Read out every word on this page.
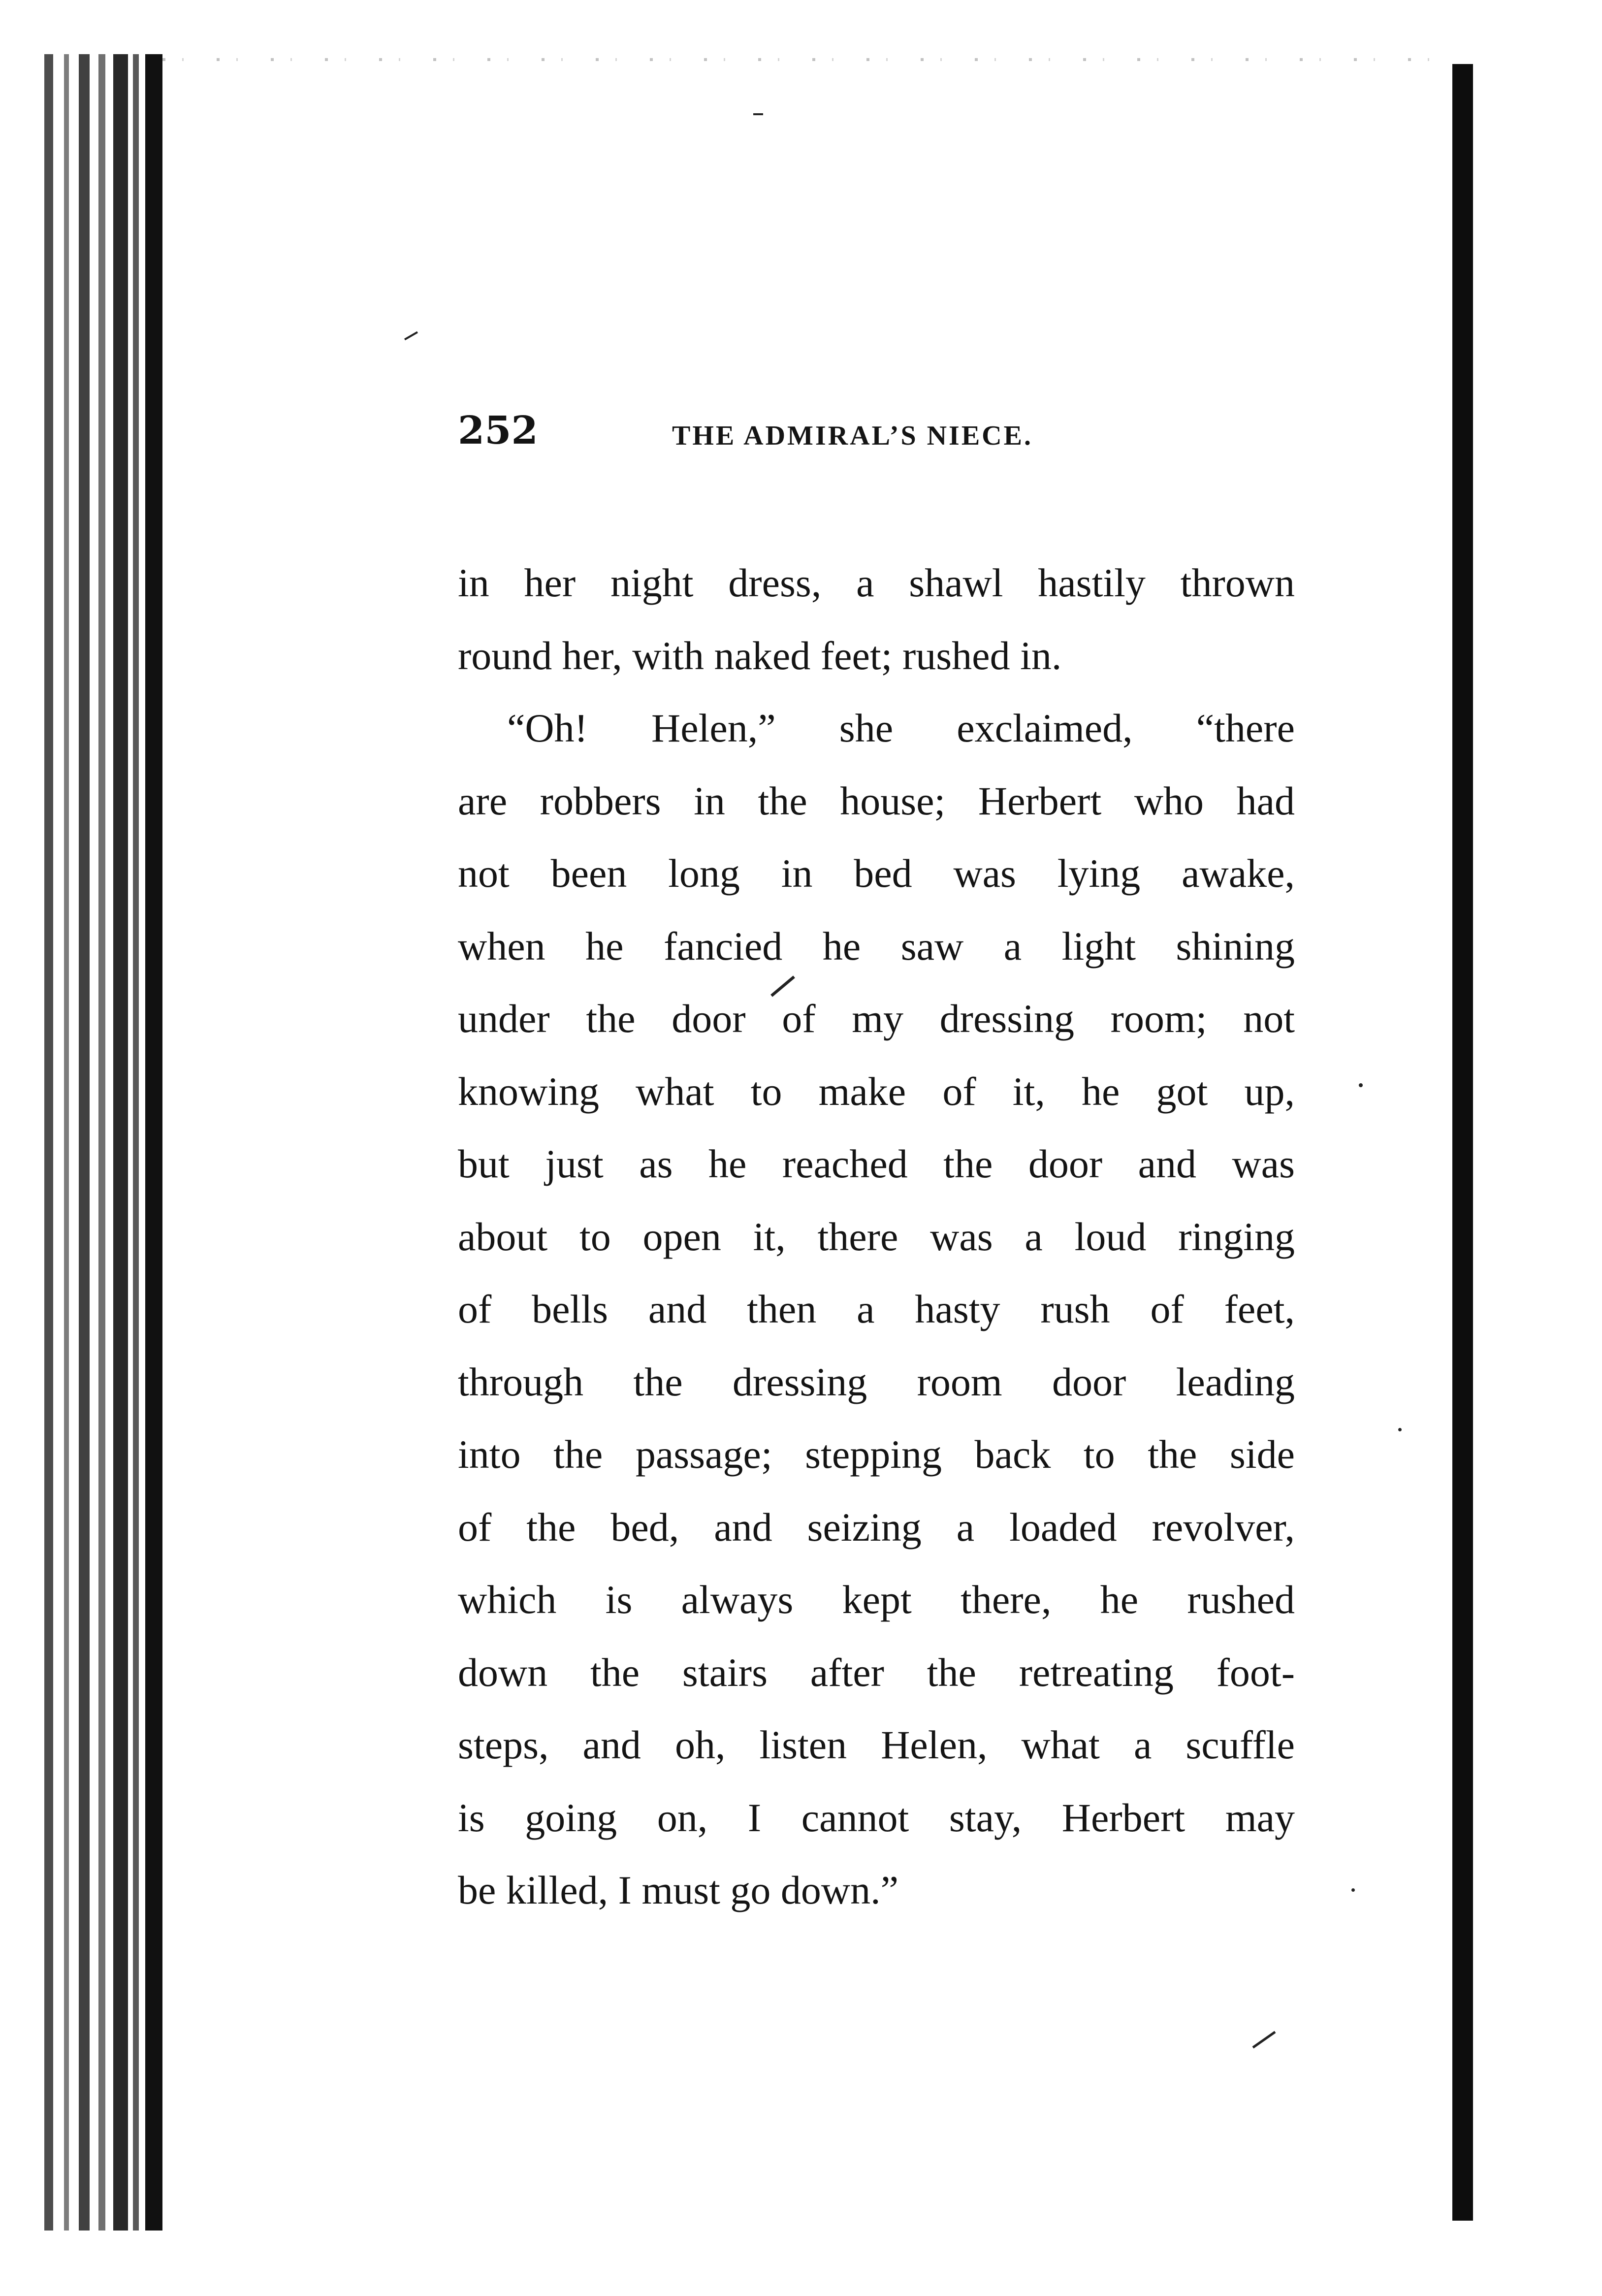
252	THE ADMIRAL’S NIECE.
in her night dress, a shawl hastily thrown
round her, with naked feet; rushed in.
“Oh! Helen,” she exclaimed, “there
are robbers in the house; Herbert who had
not been long in bed was lying awake,
when he fancied he saw a light shining
under the door of my dressing room; not
knowing what to make of it, he got up,
but just as he reached the door and was
about to open it, there was a loud ringing
of bells and then a hasty rush of feet,
through the dressing room door leading
into the passage; stepping back to the side
of the bed, and seizing a loaded revolver,
which is always kept there, he rushed
down the stairs after the retreating foot-
steps, and oh, listen Helen, what a scuffle
is going on, I cannot stay, Herbert may
be killed, I must go down.”
